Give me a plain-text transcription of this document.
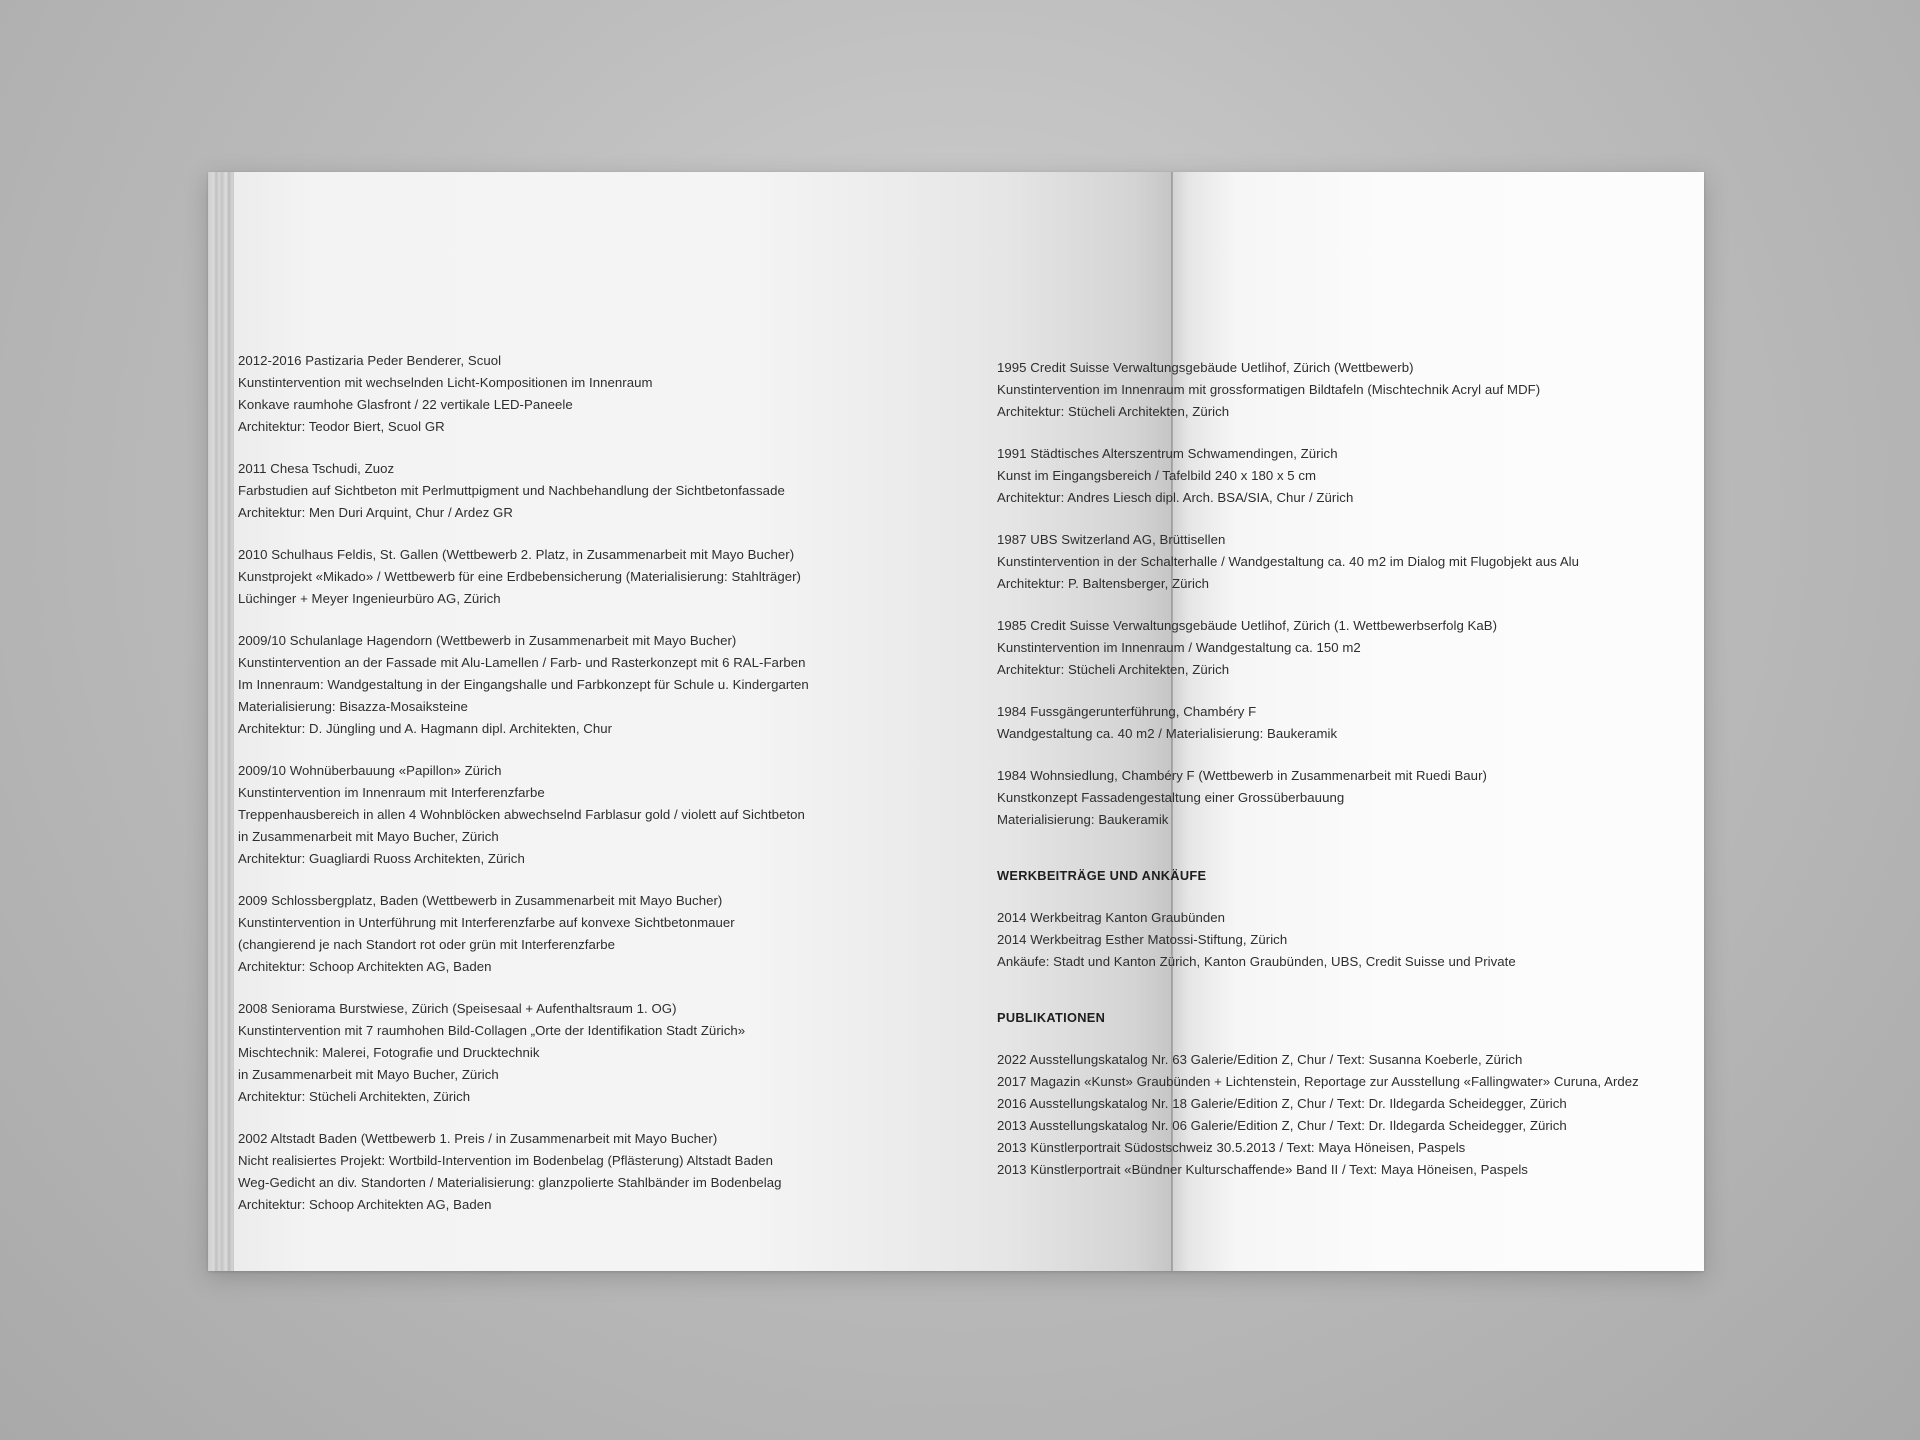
2012-2016 Pastizaria Peder Benderer, Scuol
Kunstintervention mit wechselnden Licht-Kompositionen im Innenraum
Konkave raumhohe Glasfront / 22 vertikale LED-Paneele
Architektur: Teodor Biert, Scuol GR
2011 Chesa Tschudi, Zuoz
Farbstudien auf Sichtbeton mit Perlmuttpigment und Nachbehandlung der Sichtbetonfassade
Architektur: Men Duri Arquint, Chur / Ardez GR
2010 Schulhaus Feldis, St. Gallen (Wettbewerb 2. Platz, in Zusammenarbeit mit Mayo Bucher)
Kunstprojekt «Mikado» / Wettbewerb für eine Erdbebensicherung (Materialisierung: Stahlträger)
Lüchinger + Meyer Ingenieurbüro AG, Zürich
2009/10 Schulanlage Hagendorn (Wettbewerb in Zusammenarbeit mit Mayo Bucher)
Kunstintervention an der Fassade mit Alu-Lamellen / Farb- und Rasterkonzept mit 6 RAL-Farben
Im Innenraum: Wandgestaltung in der Eingangshalle und Farbkonzept für Schule u. Kindergarten
Materialisierung: Bisazza-Mosaiksteine
Architektur: D. Jüngling und A. Hagmann dipl. Architekten, Chur
2009/10 Wohnüberbauung «Papillon» Zürich
Kunstintervention im Innenraum mit Interferenzfarbe
Treppenhausbereich in allen 4 Wohnblöcken abwechselnd Farblasur gold / violett auf Sichtbeton
in Zusammenarbeit mit Mayo Bucher, Zürich
Architektur: Guagliardi Ruoss Architekten, Zürich
2009 Schlossbergplatz, Baden (Wettbewerb in Zusammenarbeit mit Mayo Bucher)
Kunstintervention in Unterführung mit Interferenzfarbe auf konvexe Sichtbetonmauer
(changierend je nach Standort rot oder grün mit Interferenzfarbe
Architektur: Schoop Architekten AG, Baden
2008 Seniorama Burstwiese, Zürich (Speisesaal + Aufenthaltsraum 1. OG)
Kunstintervention mit 7 raumhohen Bild-Collagen „Orte der Identifikation Stadt Zürich»
Mischtechnik: Malerei, Fotografie und Drucktechnik
in Zusammenarbeit mit Mayo Bucher, Zürich
Architektur: Stücheli Architekten, Zürich
2002 Altstadt Baden (Wettbewerb 1. Preis / in Zusammenarbeit mit Mayo Bucher)
Nicht realisiertes Projekt: Wortbild-Intervention im Bodenbelag (Pflästerung) Altstadt Baden
Weg-Gedicht an div. Standorten / Materialisierung: glanzpolierte Stahlbänder im Bodenbelag
Architektur: Schoop Architekten AG, Baden
1995 Credit Suisse Verwaltungsgebäude Uetlihof, Zürich (Wettbewerb)
Kunstintervention im Innenraum mit grossformatigen Bildtafeln (Mischtechnik Acryl auf MDF)
Architektur: Stücheli Architekten, Zürich
1991 Städtisches Alterszentrum Schwamendingen, Zürich
Kunst im Eingangsbereich / Tafelbild 240 x 180 x 5 cm
Architektur: Andres Liesch dipl. Arch. BSA/SIA, Chur / Zürich
1987 UBS Switzerland AG, Brüttisellen
Kunstintervention in der Schalterhalle / Wandgestaltung ca. 40 m2 im Dialog mit Flugobjekt aus Alu
Architektur: P. Baltensberger, Zürich
1985 Credit Suisse Verwaltungsgebäude Uetlihof, Zürich (1. Wettbewerbserfolg KaB)
Kunstintervention im Innenraum / Wandgestaltung ca. 150 m2
Architektur: Stücheli Architekten, Zürich
1984 Fussgängerunterführung, Chambéry F
Wandgestaltung ca. 40 m2 / Materialisierung: Baukeramik
1984 Wohnsiedlung, Chambéry F (Wettbewerb in Zusammenarbeit mit Ruedi Baur)
Kunstkonzept Fassadengestaltung einer Grossüberbauung
Materialisierung: Baukeramik
WERKBEITRÄGE UND ANKÄUFE
2014 Werkbeitrag Kanton Graubünden
2014 Werkbeitrag Esther Matossi-Stiftung, Zürich
Ankäufe: Stadt und Kanton Zürich, Kanton Graubünden, UBS, Credit Suisse und Private
PUBLIKATIONEN
2022 Ausstellungskatalog Nr. 63 Galerie/Edition Z, Chur / Text: Susanna Koeberle, Zürich
2017 Magazin «Kunst» Graubünden + Lichtenstein, Reportage zur Ausstellung «Fallingwater» Curuna, Ardez
2016 Ausstellungskatalog Nr. 18 Galerie/Edition Z, Chur / Text: Dr. Ildegarda Scheidegger, Zürich
2013 Ausstellungskatalog Nr. 06 Galerie/Edition Z, Chur / Text: Dr. Ildegarda Scheidegger, Zürich
2013 Künstlerportrait Südostschweiz 30.5.2013 / Text: Maya Höneisen, Paspels
2013 Künstlerportrait «Bündner Kulturschaffende» Band II / Text: Maya Höneisen, Paspels
